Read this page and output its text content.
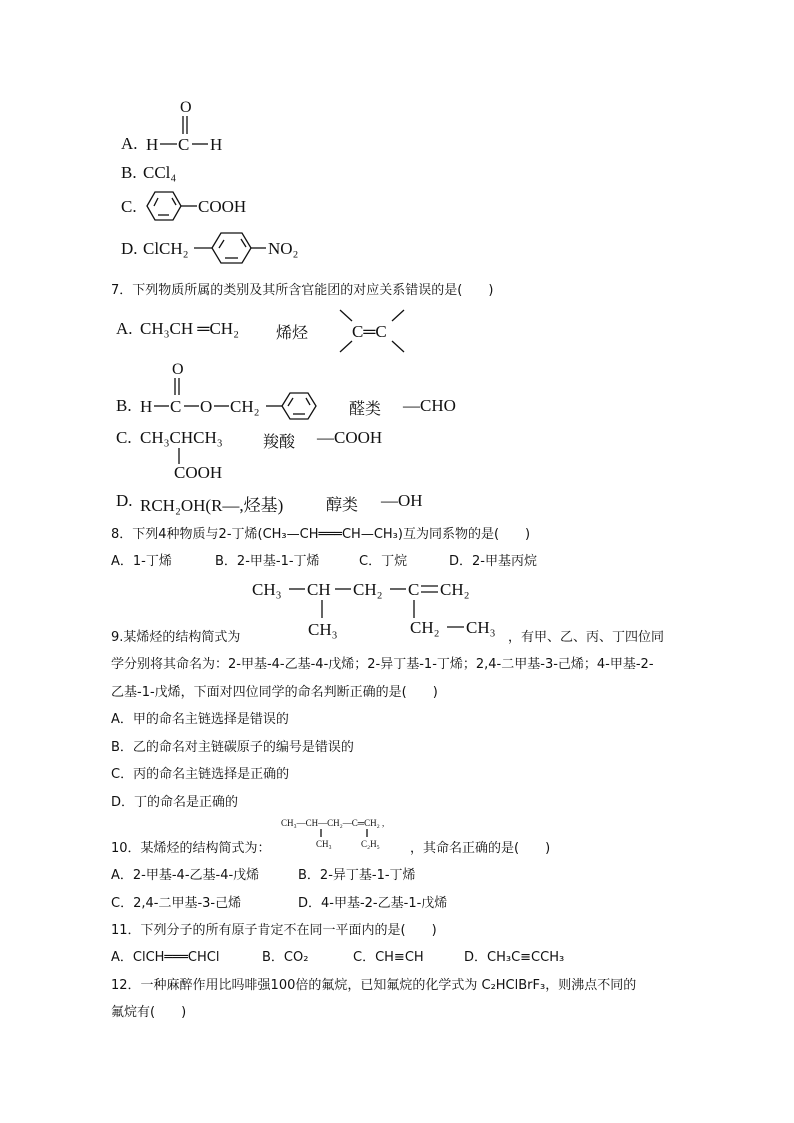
A.
O
H C H
B. CCl₄
C.	COOH
D. ClCH₂	NO₂
7．下列物质所属的类别及其所含官能团的对应关系错误的是(　　)
A. CH₃CH ═CH₂ 烯烃	C═C
B.
O
H C O CH₂	醛类 —CHO
C. CH₃CHCH₃
COOH
羧酸 —COOH
D. RCH₂OH(R—,烃基)	醇类 —OH
8．下列4种物质与2-丁烯(CH₃—CH═══CH—CH₃)互为同系物的是(　　)
A．1-丁烯	B．2-甲基-1-丁烯	C．丁烷	D．2-甲基丙烷
CH₃ CH CH₂ C CH₂
CH₃	CH₂ CH₃
9.某烯烃的结构简式为	，有甲、乙、丙、丁四位同
学分别将其命名为：2-甲基-4-乙基-4-戊烯；2-异丁基-1-丁烯；2,4-二甲基-3-己烯；4-甲基-2-
乙基-1-戊烯，下面对四位同学的命名判断正确的是(　　)
A．甲的命名主链选择是错误的
B．乙的命名对主链碳原子的编号是错误的
C．丙的命名主链选择是正确的
D．丁的命名是正确的
CH₃—CH—CH₂—C═CH₂ ,
CH₃	C₂H₅
10．某烯烃的结构简式为：	，其命名正确的是(　　)
A．2-甲基-4-乙基-4-戊烯	B．2-异丁基-1-丁烯
C．2,4-二甲基-3-己烯	D．4-甲基-2-乙基-1-戊烯
11．下列分子的所有原子肯定不在同一平面内的是(　　)
A．ClCH═══CHCl	B．CO₂	C．CH≡CH	D．CH₃C≡CCH₃
12．一种麻醉作用比吗啡强100倍的氟烷，已知氟烷的化学式为 C₂HClBrF₃，则沸点不同的
氟烷有(　　)
